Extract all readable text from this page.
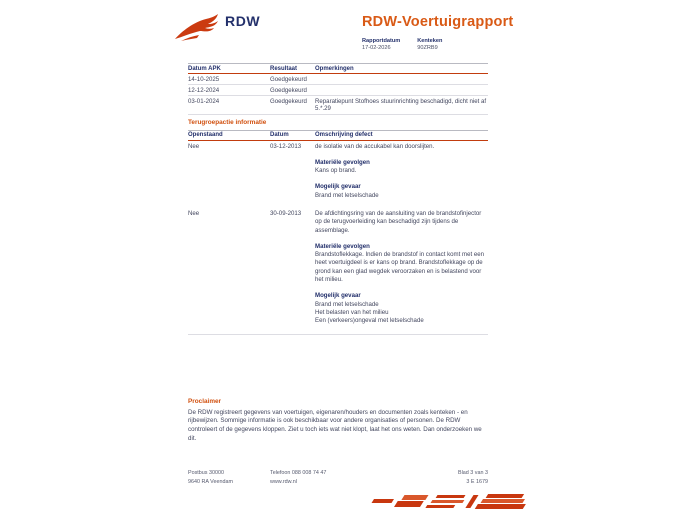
RDW	RDW-Voertuigrapport
Rapportdatum
17-02-2026
Kenteken
90ZRB9
Datum APK	Resultaat	Opmerkingen
14-10-2025	Goedgekeurd
12-12-2024	Goedgekeurd
03-01-2024	Goedgekeurd	Reparatiepunt Stofhoes stuurinrichting beschadigd, dicht niet af 5.*.29
Terugroepactie informatie
Openstaand	Datum	Omschrijving defect
Nee	03-12-2013	de isolatie van de accukabel kan doorslijten.
Materiële gevolgen
Kans op brand.
Mogelijk gevaar
Brand met letselschade
Nee	30-09-2013	De afdichtingsring van de aansluiting van de brandstofinjector op de terugvoerleiding kan beschadigd zijn tijdens de assemblage.
Materiële gevolgen
Brandstoflekkage. Indien de brandstof in contact komt met een heet voertuigdeel is er kans op brand. Brandstoflekkage op de grond kan een glad wegdek veroorzaken en is belastend voor het milieu.
Mogelijk gevaar
Brand met letselschade
Het belasten van het milieu
Een (verkeers)ongeval met letselschade
Proclaimer
De RDW registreert gegevens van voertuigen, eigenaren/houders en documenten zoals kenteken - en rijbewijzen. Sommige informatie is ook beschikbaar voor andere organisaties of personen. De RDW controleert of de gegevens kloppen. Ziet u toch iets wat niet klopt, laat het ons weten. Dan onderzoeken we dit.
Postbus 30000
9640 RA Veendam
Telefoon 088 008 74 47
www.rdw.nl
Blad 3 van 3
3 E 1679
